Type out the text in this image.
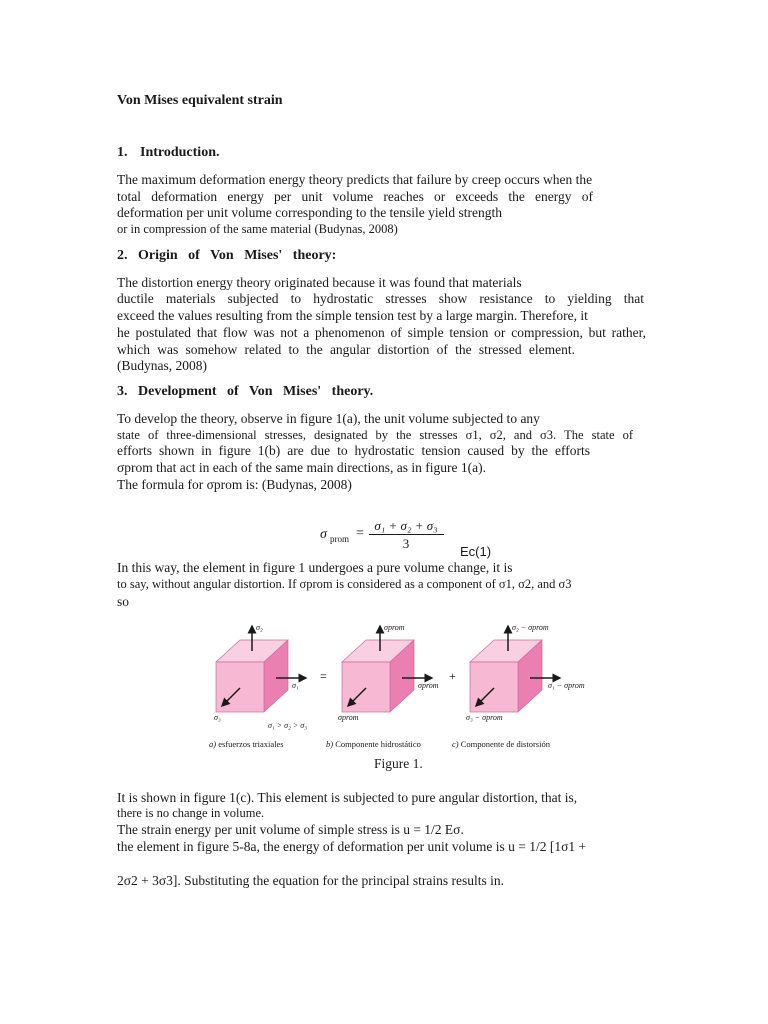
Von Mises equivalent strain
1. Introduction.
The maximum deformation energy theory predicts that failure by creep occurs when the
total deformation energy per unit volume reaches or exceeds the energy of
deformation per unit volume corresponding to the tensile yield strength
or in compression of the same material (Budynas, 2008)
2.   Origin   of   Von   Mises'   theory:
The distortion energy theory originated because it was found that materials
ductile materials subjected to hydrostatic stresses show resistance to yielding that
exceed the values resulting from the simple tension test by a large margin. Therefore, it
he postulated that flow was not a phenomenon of simple tension or compression, but rather,
which was somehow related to the angular distortion of the stressed element.
(Budynas, 2008)
3.   Development   of   Von   Mises'   theory.
To develop the theory, observe in figure 1(a), the unit volume subjected to any
state of three-dimensional stresses, designated by the stresses σ1, σ2, and σ3. The state of
efforts shown in figure 1(b) are due to hydrostatic tension caused by the efforts
σprom that act in each of the same main directions, as in figure 1(a).
The formula for σprom is: (Budynas, 2008)
σ prom =
σ₁ + σ₂ + σ₃
3
Ec(1)
In this way, the element in figure 1 undergoes a pure volume change, it is
to say, without angular distortion. If σprom is considered as a component of σ1, σ2, and σ3
so
=	+
σ₂
σ₁
σ₃
σ₁ > σ₂ > σ₃
σprom
σprom
σprom
σ₂ − σprom
σ₁ − σprom
σ₃ − σprom
a) esfuerzos triaxiales	b) Componente hidrostático	c) Componente de distorsión
Figure 1.
It is shown in figure 1(c). This element is subjected to pure angular distortion, that is,
there is no change in volume.
The strain energy per unit volume of simple stress is u = 1/2 Eσ.
the element in figure 5-8a, the energy of deformation per unit volume is u = 1/2 [1σ1 +
2σ2 + 3σ3]. Substituting the equation for the principal strains results in.
